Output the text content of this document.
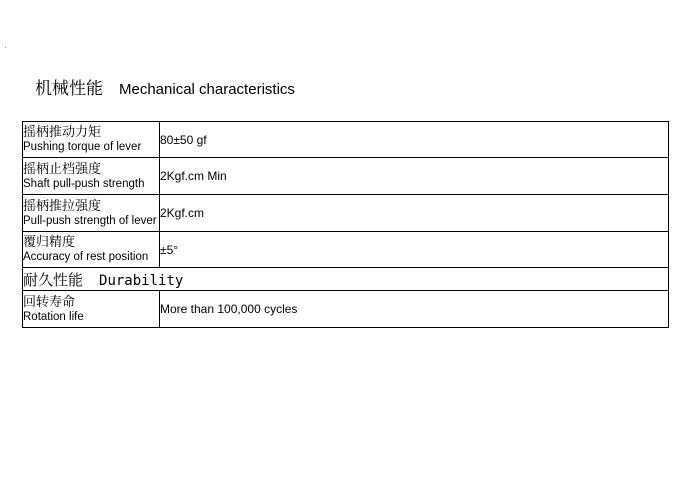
机械性能 Mechanical characteristics
摇柄推动力矩
Pushing torque of lever	80±50 gf

摇柄止档强度
Shaft pull-push strength	2Kgf.cm Min

摇柄推拉强度
Pull-push strength of lever	2Kgf.cm

覆归精度
Accuracy of rest position	±5°
耐久性能 Durability	

回转寿命
Rotation life	More than 100,000 cycles
